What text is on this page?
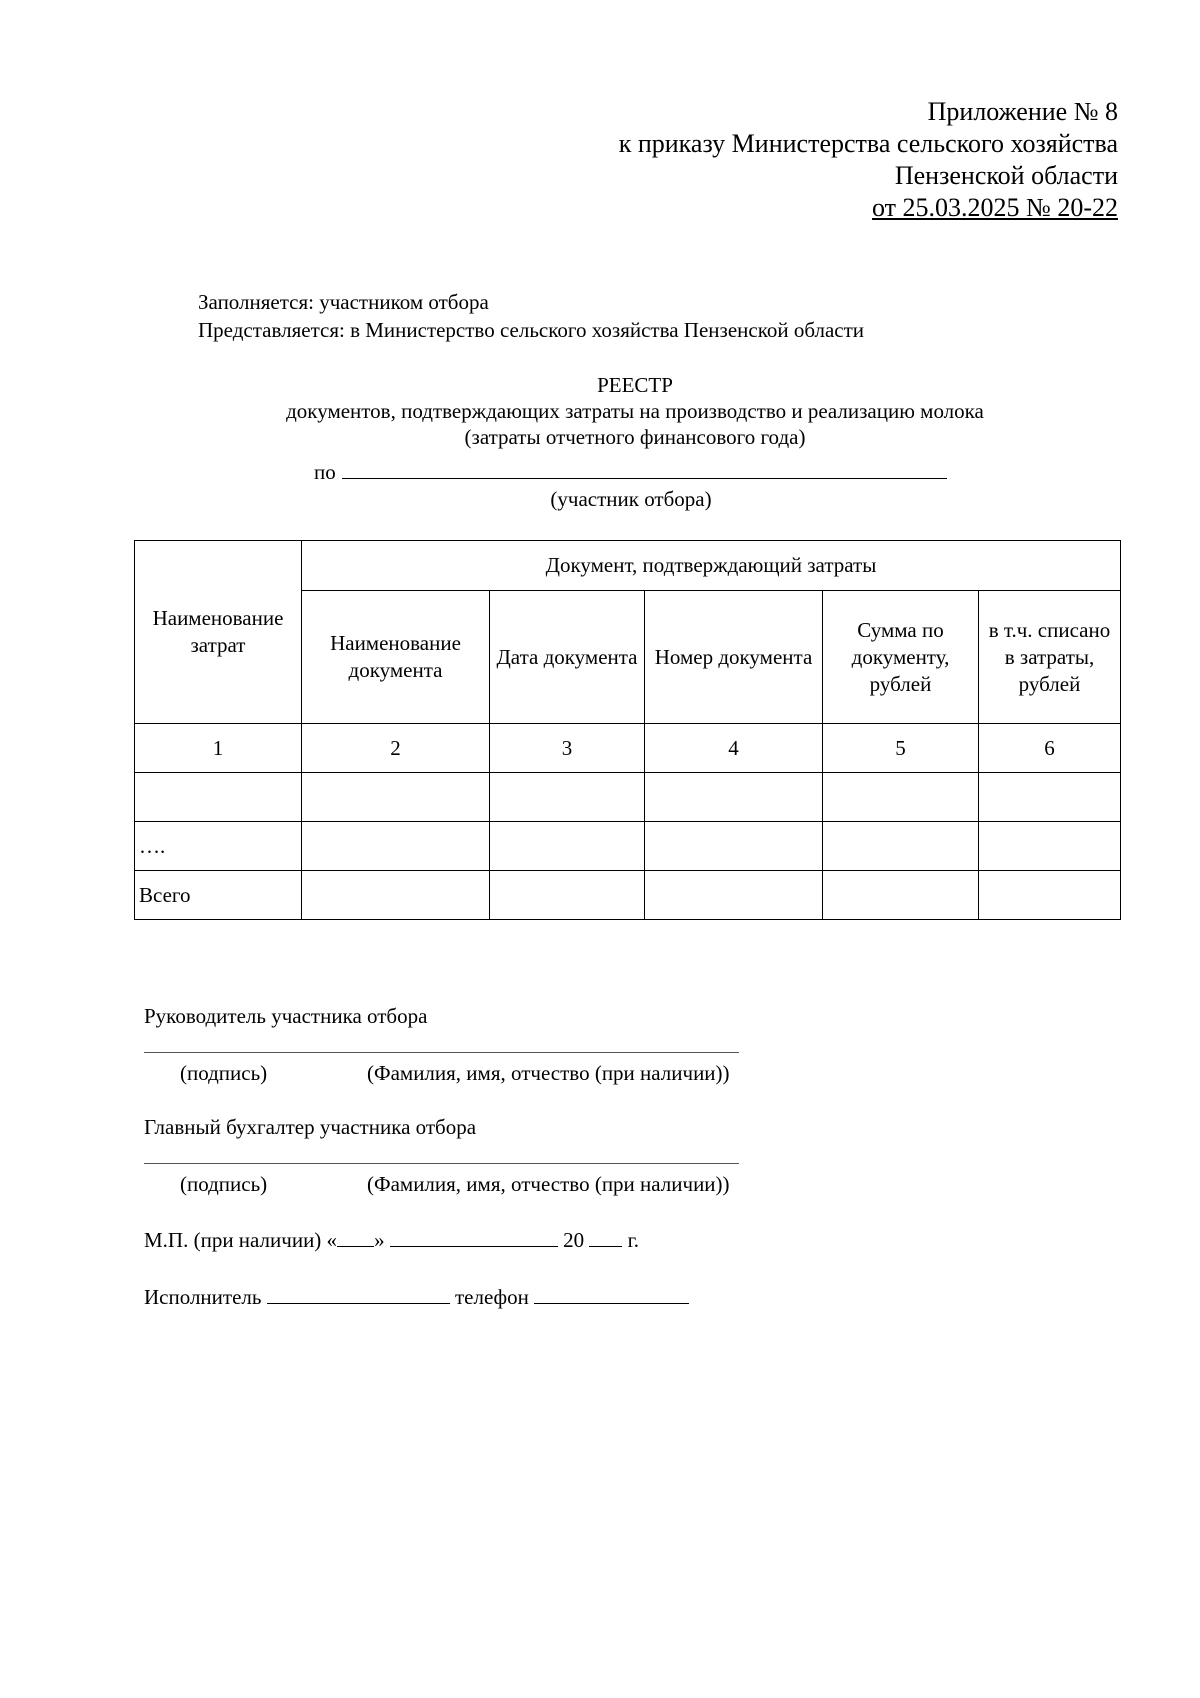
Приложение № 8
к приказу Министерства сельского хозяйства
Пензенской области
от 25.03.2025 № 20-22
Заполняется: участником отбора
Представляется: в Министерство сельского хозяйства Пензенской области
РЕЕСТР
документов, подтверждающих затраты на производство и реализацию молока
(затраты отчетного финансового года)
по
(участник отбора)
Наименование затрат	Документ, подтверждающий затраты				
	Наименование документа	Дата документа	Номер документа	Сумма по документу, рублей	в т.ч. списано в затраты, рублей
1	2	3	4	5	6

….					
Всего					
Руководитель участника отбора
(подпись)	(Фамилия, имя, отчество (при наличии))
Главный бухгалтер участника отбора
(подпись)	(Фамилия, имя, отчество (при наличии))
М.П. (при наличии) « »	20 г.
Исполнитель	телефон
